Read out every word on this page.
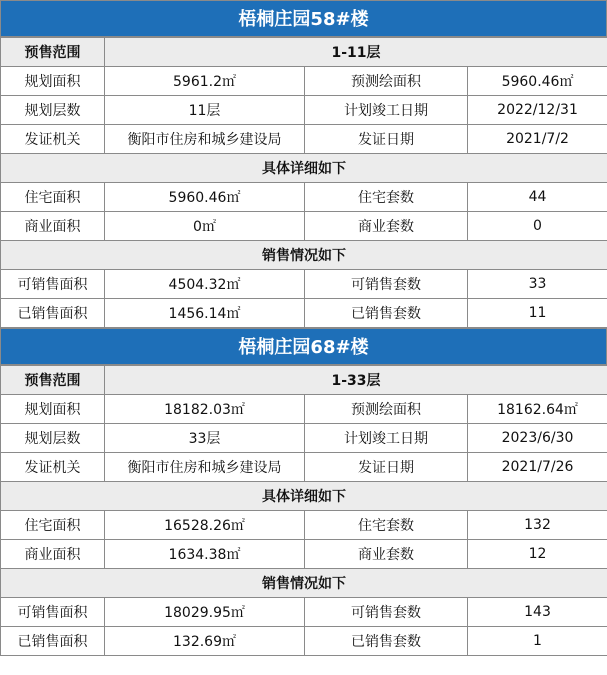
梧桐庄园58#楼
预售范围	1-11层		
规划面积	5961.2㎡	预测绘面积	5960.46㎡
规划层数	11层	计划竣工日期	2022/12/31
发证机关	衡阳市住房和城乡建设局	发证日期	2021/7/2
具体详细如下			
住宅面积	5960.46㎡	住宅套数	44
商业面积	0㎡	商业套数	0
销售情况如下			
可销售面积	4504.32㎡	可销售套数	33
已销售面积	1456.14㎡	已销售套数	11
梧桐庄园68#楼
预售范围	1-33层		
规划面积	18182.03㎡	预测绘面积	18162.64㎡
规划层数	33层	计划竣工日期	2023/6/30
发证机关	衡阳市住房和城乡建设局	发证日期	2021/7/26
具体详细如下			
住宅面积	16528.26㎡	住宅套数	132
商业面积	1634.38㎡	商业套数	12
销售情况如下			
可销售面积	18029.95㎡	可销售套数	143
已销售面积	132.69㎡	已销售套数	1
